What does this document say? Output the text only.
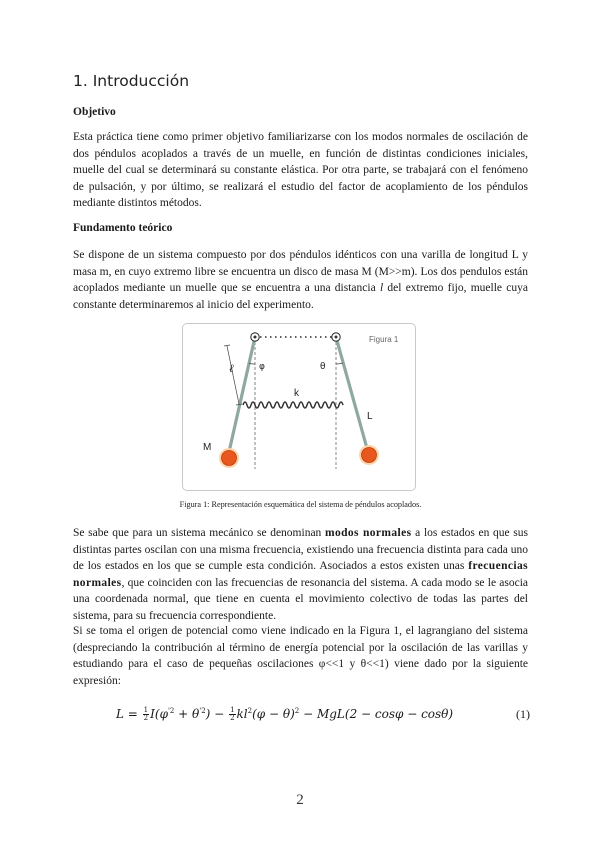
1. Introducción

Objetivo

Esta práctica tiene como primer objetivo familiarizarse con los modos normales de oscilación de dos péndulos acoplados a través de un muelle, en función de distintas condiciones iniciales, muelle del cual se determinará su constante elástica. Por otra parte, se trabajará con el fenómeno de pulsación, y por último, se realizará el estudio del factor de acoplamiento de los péndulos mediante distintos métodos.

Fundamento teórico

Se dispone de un sistema compuesto por dos péndulos idénticos con una varilla de longitud L y masa m, en cuyo extremo libre se encuentra un disco de masa M (M>>m). Los dos pendulos están acoplados mediante un muelle que se encuentra a una distancia l del extremo fijo, muelle cuya constante determinaremos al inicio del experimento.

Figura 1
ℓ	φ	θ
k
L
M

Figura 1: Representación esquemática del sistema de péndulos acoplados.

Se sabe que para un sistema mecánico se denominan modos normales a los estados en que sus distintas partes oscilan con una misma frecuencia, existiendo una frecuencia distinta para cada uno de los estados en los que se cumple esta condición. Asociados a estos existen unas frecuencias normales, que coinciden con las frecuencias de resonancia del sistema. A cada modo se le asocia una coordenada normal, que tiene en cuenta el movimiento colectivo de todas las partes del sistema, para su frecuencia correspondiente.

Si se toma el origen de potencial como viene indicado en la Figura 1, el lagrangiano del sistema (despreciando la contribución al término de energía potencial por la oscilación de las varillas y estudiando para el caso de pequeñas oscilaciones φ<<1 y θ<<1) viene dado por la siguiente expresión:

$L = \frac{1}{2} I(\varphi^{'2} + \theta^{'2}) - \frac{1}{2} kl^2(\varphi - \theta)^2 - MgL(2 - \cos\varphi - \cos\theta)$	(1)
2
